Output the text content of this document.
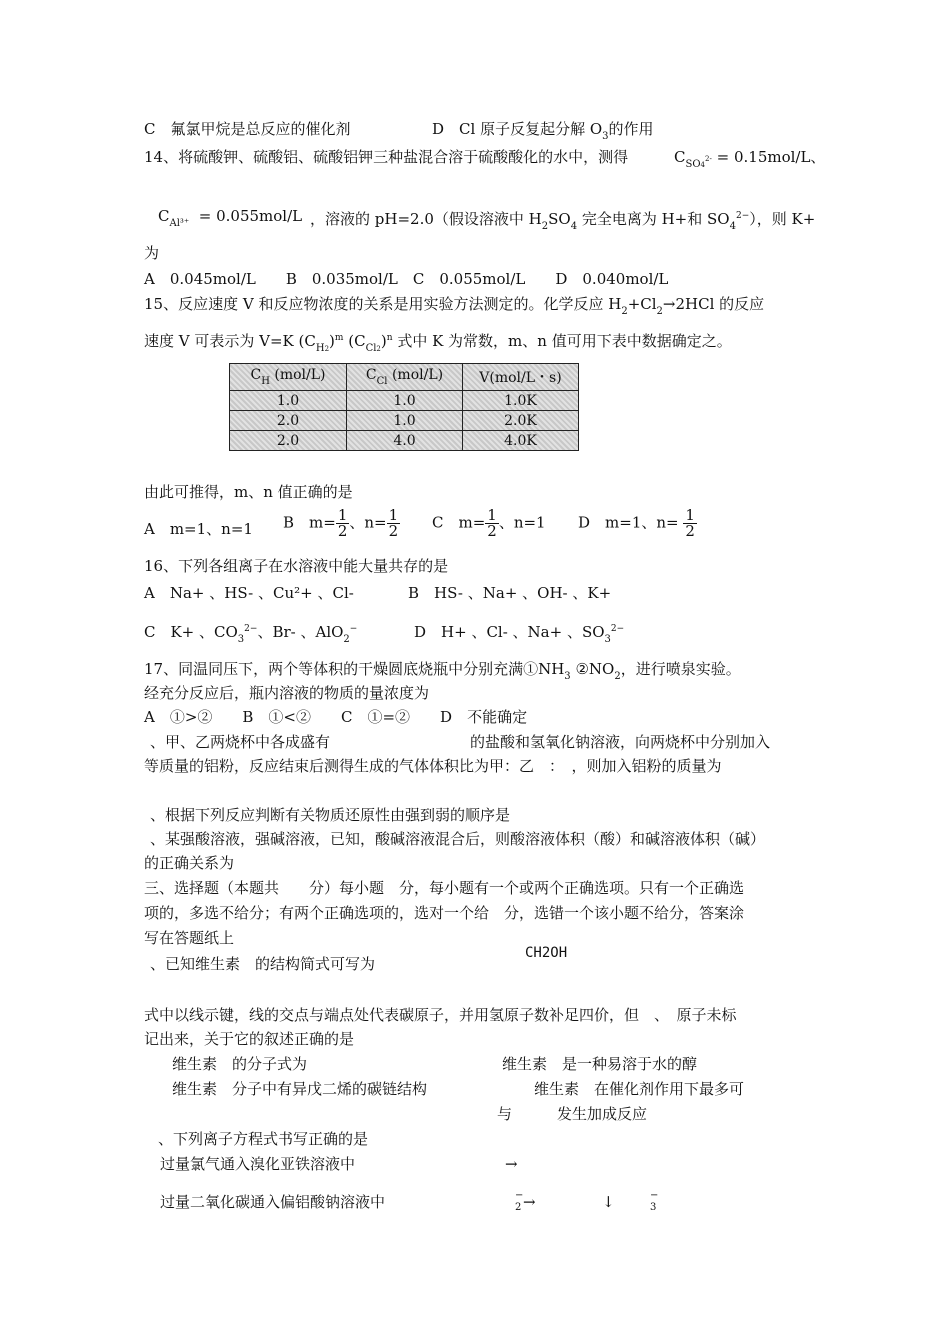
C　氟氯甲烷是总反应的催化剂	D　Cl 原子反复起分解 $O_3$的作用
14、将硫酸钾、硫酸铝、硫酸铝钾三种盐混合溶于硫酸酸化的水中，测得	$C_{SO4^{2-}} = 0.15mol/L$、
$C_{Al^{3+}} = 0.055mol/L$ ，溶液的 pH=2.0（假设溶液中 $H_2SO_4$ 完全电离为 H+和 $SO_4^{2-}$），则 K+
为
A　0.045mol/L　　B　0.035mol/L　C　0.055mol/L　　D　0.040mol/L
15、反应速度 V 和反应物浓度的关系是用实验方法测定的。化学反应 $H_2+Cl_2\to 2HCl$ 的反应
速度 V 可表示为 V=K $(C_{H2})^m$ $(C_{Cl2})^n$ 式中 K 为常数，m、n 值可用下表中数据确定之。
$C_H$ (mol/L)	$C_{Cl}$ (mol/L)	V(mol/L・s)
1.0	1.0	1.0K
2.0	1.0	2.0K
2.0	4.0	4.0K
由此可推得，m、n 值正确的是
A　m=1、n=1 B　$m= \frac{1}{2}$ 、$n= \frac{1}{2}$ C　$m= \frac{1}{2}$ 、n=1 D　m=1、$n= \frac{1}{2}$
16、下列各组离子在水溶液中能大量共存的是
A　Na+ 、HS- 、Cu²+ 、Cl-	B　HS- 、Na+ 、OH- 、K+
C　K+ 、$CO_3^{2-}$、Br- 、AlO$_2$−	D　H+ 、Cl- 、Na+ 、$SO_3^{2-}$
17、同温同压下，两个等体积的干燥圆底烧瓶中分别充满$①NH_3$ $②NO_2$，进行喷泉实验。
经充分反应后，瓶内溶液的物质的量浓度为
A　①>②　　B　①<②　　C　①=②　　D　不能确定
、甲、乙两烧杯中各成盛有	的盐酸和氢氧化钠溶液，向两烧杯中分别加入
等质量的铝粉，反应结束后测得生成的气体体积比为甲：乙　：　，则加入铝粉的质量为
、根据下列反应判断有关物质还原性由强到弱的顺序是
、某强酸溶液，强碱溶液，已知，酸碱溶液混合后，则酸溶液体积（酸）和碱溶液体积（碱）
的正确关系为
三、选择题（本题共　　分）每小题　分，每小题有一个或两个正确选项。只有一个正确选
项的，多选不给分；有两个正确选项的，选对一个给　分，选错一个该小题不给分，答案涂
写在答题纸上
、已知维生素　的结构简式可写为
CH2OH
式中以线示键，线的交点与端点处代表碳原子，并用氢原子数补足四价，但　、　原子未标
记出来，关于它的叙述正确的是
维生素　的分子式为	维生素　是一种易溶于水的醇
维生素　分子中有异戊二烯的碳链结构	维生素　在催化剂作用下最多可
与　　　发生加成反应
、下列离子方程式书写正确的是
过量氯气通入溴化亚铁溶液中	→
过量二氧化碳通入偏铝酸钠溶液中	−
2 →	↓	−
3
